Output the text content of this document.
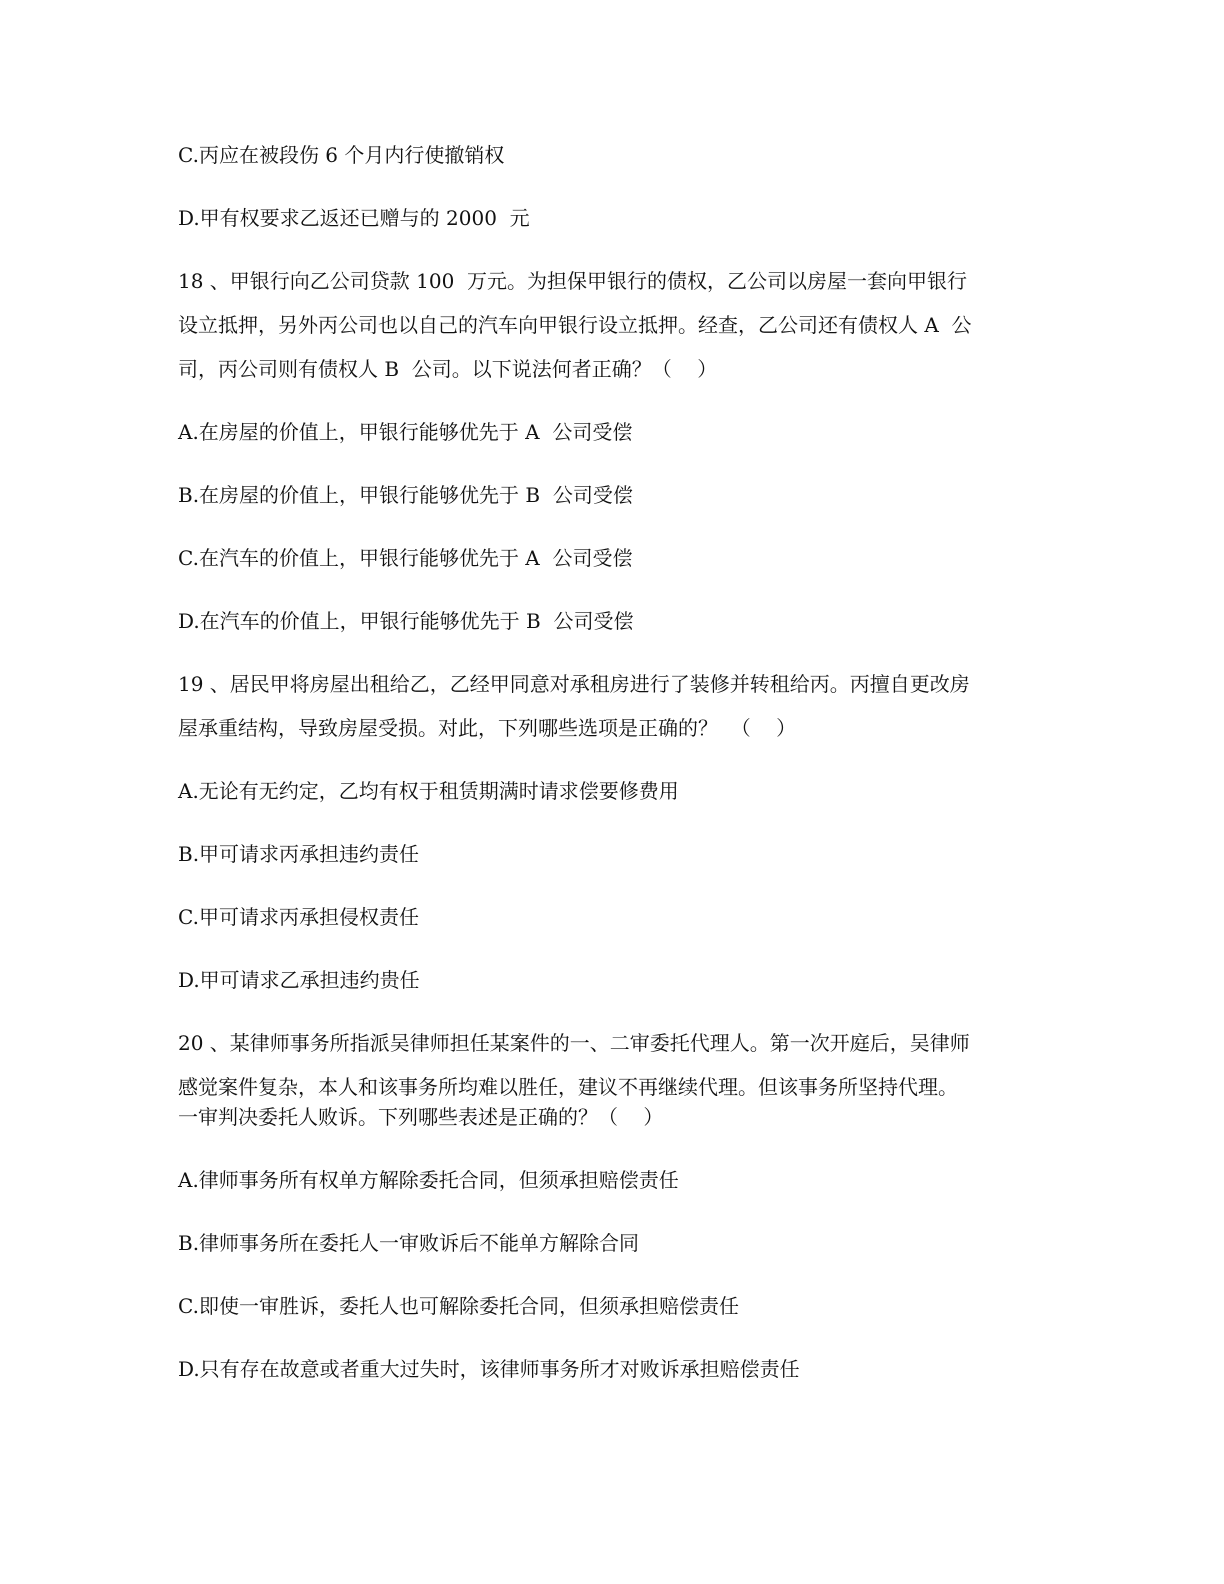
C.丙应在被段伤 6 个月内行使撤销权

D.甲有权要求乙返还已赠与的 2000  元

18 、甲银行向乙公司贷款 100  万元。为担保甲银行的债权，乙公司以房屋一套向甲银行

设立抵押，另外丙公司也以自己的汽车向甲银行设立抵押。经查，乙公司还有债权人 A  公

司，丙公司则有债权人 B  公司。以下说法何者正确？（    ）

A.在房屋的价值上，甲银行能够优先于 A  公司受偿

B.在房屋的价值上，甲银行能够优先于 B  公司受偿

C.在汽车的价值上，甲银行能够优先于 A  公司受偿

D.在汽车的价值上，甲银行能够优先于 B  公司受偿

19 、居民甲将房屋出租给乙，乙经甲同意对承租房进行了装修并转租给丙。丙擅自更改房

屋承重结构，导致房屋受损。对此，下列哪些选项是正确的？  （    ）

A.无论有无约定，乙均有权于租赁期满时请求偿要修费用

B.甲可请求丙承担违约责任

C.甲可请求丙承担侵权责任

D.甲可请求乙承担违约贵任

20 、某律师事务所指派吴律师担任某案件的一、二审委托代理人。第一次开庭后，吴律师

感觉案件复杂，本人和该事务所均难以胜任，建议不再继续代理。但该事务所坚持代理。

一审判决委托人败诉。下列哪些表述是正确的？（    ）

A.律师事务所有权单方解除委托合同，但须承担赔偿责任

B.律师事务所在委托人一审败诉后不能单方解除合同

C.即使一审胜诉，委托人也可解除委托合同，但须承担赔偿责任

D.只有存在故意或者重大过失时，该律师事务所才对败诉承担赔偿责任
